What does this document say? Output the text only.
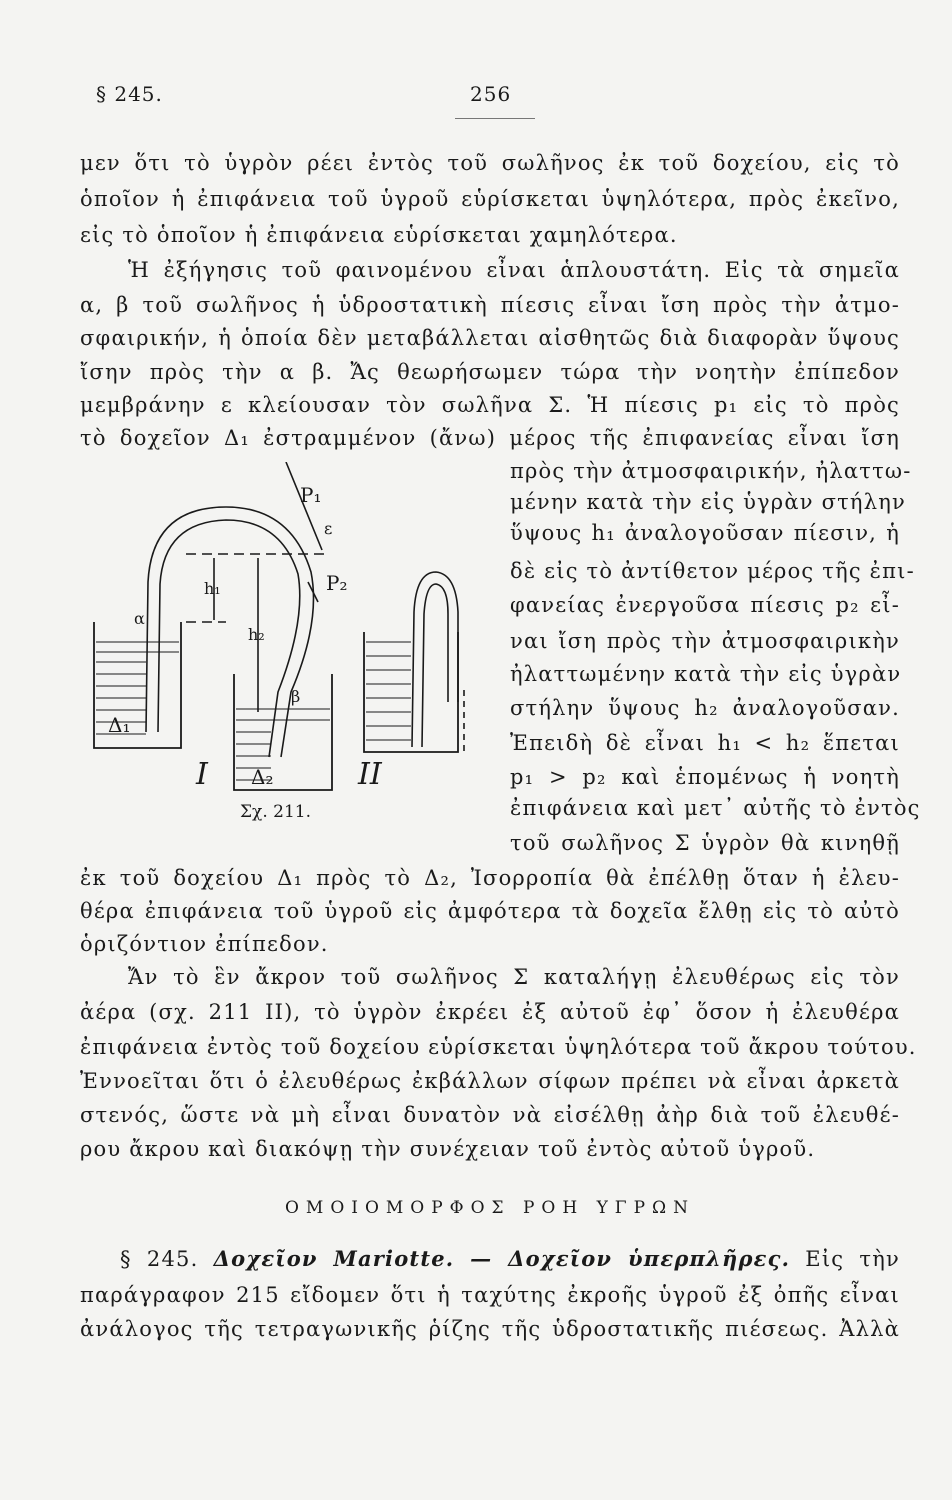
§ 245.	256
μεν ὅτι τὸ ὑγρὸν ρέει ἐντὸς τοῦ σωλῆνος ἐκ τοῦ δοχείου, εἰς τὸ
ὁποῖον ἡ ἐπιφάνεια τοῦ ὑγροῦ εὑρίσκεται ὑψηλότερα, πρὸς ἐκεῖνο,
εἰς τὸ ὁποῖον ἡ ἐπιφάνεια εὑρίσκεται χαμηλότερα.
Ἡ ἐξήγησις τοῦ φαινομένου εἶναι ἁπλουστάτη. Εἰς τὰ σημεῖα
α, β τοῦ σωλῆνος ἡ ὑδροστατικὴ πίεσις εἶναι ἴση πρὸς τὴν ἀτμο-
σφαιρικήν, ἡ ὁποία δὲν μεταβάλλεται αἰσθητῶς διὰ διαφορὰν ὕψους
ἴσην πρὸς τὴν α β. Ἄς θεωρήσωμεν τώρα τὴν νοητὴν ἐπίπεδον
μεμβράνην ε κλείουσαν τὸν σωλῆνα Σ. Ἡ πίεσις p₁ εἰς τὸ πρὸς
τὸ δοχεῖον Δ₁ ἐστραμμένον (ἄνω) μέρος τῆς ἐπιφανείας εἶναι ἴση
πρὸς τὴν ἀτμοσφαιρικήν, ἠλαττω-
μένην κατὰ τὴν εἰς ὑγρὰν στήλην
ὕψους h₁ ἀναλογοῦσαν πίεσιν, ἡ
δὲ εἰς τὸ ἀντίθετον μέρος τῆς ἐπι-
φανείας ἐνεργοῦσα πίεσις p₂ εἶ-
ναι ἴση πρὸς τὴν ἀτμοσφαιρικὴν
ἠλαττωμένην κατὰ τὴν εἰς ὑγρὰν
στήλην ὕψους h₂ ἀναλογοῦσαν.
Ἐπειδὴ δὲ εἶναι h₁ < h₂ ἕπεται
p₁ > p₂ καὶ ἑπομένως ἡ νοητὴ
ἐπιφάνεια καὶ μετ᾽ αὐτῆς τὸ ἐντὸς
τοῦ σωλῆνος Σ ὑγρὸν θὰ κινηθῇ
ἐκ τοῦ δοχείου Δ₁ πρὸς τὸ Δ₂, Ἰσορροπία θὰ ἐπέλθῃ ὅταν ἡ ἐλευ-
θέρα ἐπιφάνεια τοῦ ὑγροῦ εἰς ἀμφότερα τὰ δοχεῖα ἔλθῃ εἰς τὸ αὐτὸ
ὁριζόντιον ἐπίπεδον.
Ἄν τὸ ἓν ἄκρον τοῦ σωλῆνος Σ καταλήγῃ ἐλευθέρως εἰς τὸν
ἀέρα (σχ. 211 II), τὸ ὑγρὸν ἐκρέει ἐξ αὐτοῦ ἐφ᾽ ὅσον ἡ ἐλευθέρα
ἐπιφάνεια ἐντὸς τοῦ δοχείου εὑρίσκεται ὑψηλότερα τοῦ ἄκρου τούτου.
Ἐννοεῖται ὅτι ὁ ἐλευθέρως ἐκβάλλων σίφων πρέπει νὰ εἶναι ἀρκετὰ
στενός, ὥστε νὰ μὴ εἶναι δυνατὸν νὰ εἰσέλθῃ ἀὴρ διὰ τοῦ ἐλευθέ-
ρου ἄκρου καὶ διακόψῃ τὴν συνέχειαν τοῦ ἐντὸς αὐτοῦ ὑγροῦ.
ΟΜΟΙΟΜΟΡΦΟΣ ΡΟΗ ΥΓΡΩΝ
§ 245. Δοχεῖον Mariotte. — Δοχεῖον ὑπερπλῆρες. Εἰς τὴν
παράγραφον 215 εἴδομεν ὅτι ἡ ταχύτης ἐκροῆς ὑγροῦ ἐξ ὀπῆς εἶναι
ἀνάλογος τῆς τετραγωνικῆς ῥίζης τῆς ὑδροστατικῆς πιέσεως. Ἀλλὰ
Δ₁
Δ₂
α
β
ε
h₁
h₂
P₁
P₂
I	II
Σχ. 211.
